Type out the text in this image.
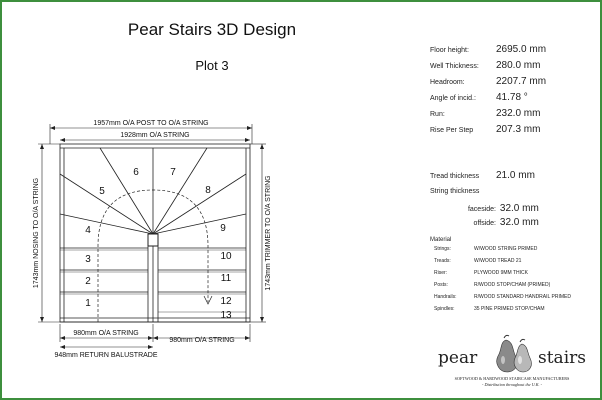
Pear Stairs 3D Design
Plot 3
1957mm O/A POST TO O/A STRING
1928mm O/A STRING
1743mm NOSING TO O/A STRING	1743mm TRIMMER TO O/A STRING
980mm O/A STRING
980mm O/A STRING
948mm RETURN BALUSTRADE
1
2
3
4
5
6	7
8
9
10
11
12
13
Floor height:	2695.0 mm
Well Thickness: 280.0 mm
Headroom:	2207.7 mm
Angle of incid.: 41.78 °
Run:	232.0 mm
Rise Per Step 207.3 mm
Tread thickness 21.0 mm
String thickness
faceside: 32.0 mm
offside: 32.0 mm
Material
Strings:	W/WOOD STRING PRIMED
Treads:	W/WOOD TREAD 21
Riser:	PLYWOOD 9MM THICK
Posts:	R/WOOD STOP/CHAM (PRIMED)
Handrails:	R/WOOD STANDARD HANDRAIL PRIMED
Spindles:	35 PINE PRIMED STOP/CHAM
pear	stairs
SOFTWOOD & HARDWOOD STAIRCASE MANUFACTURERS
- Distribution throughout the U.K. -
